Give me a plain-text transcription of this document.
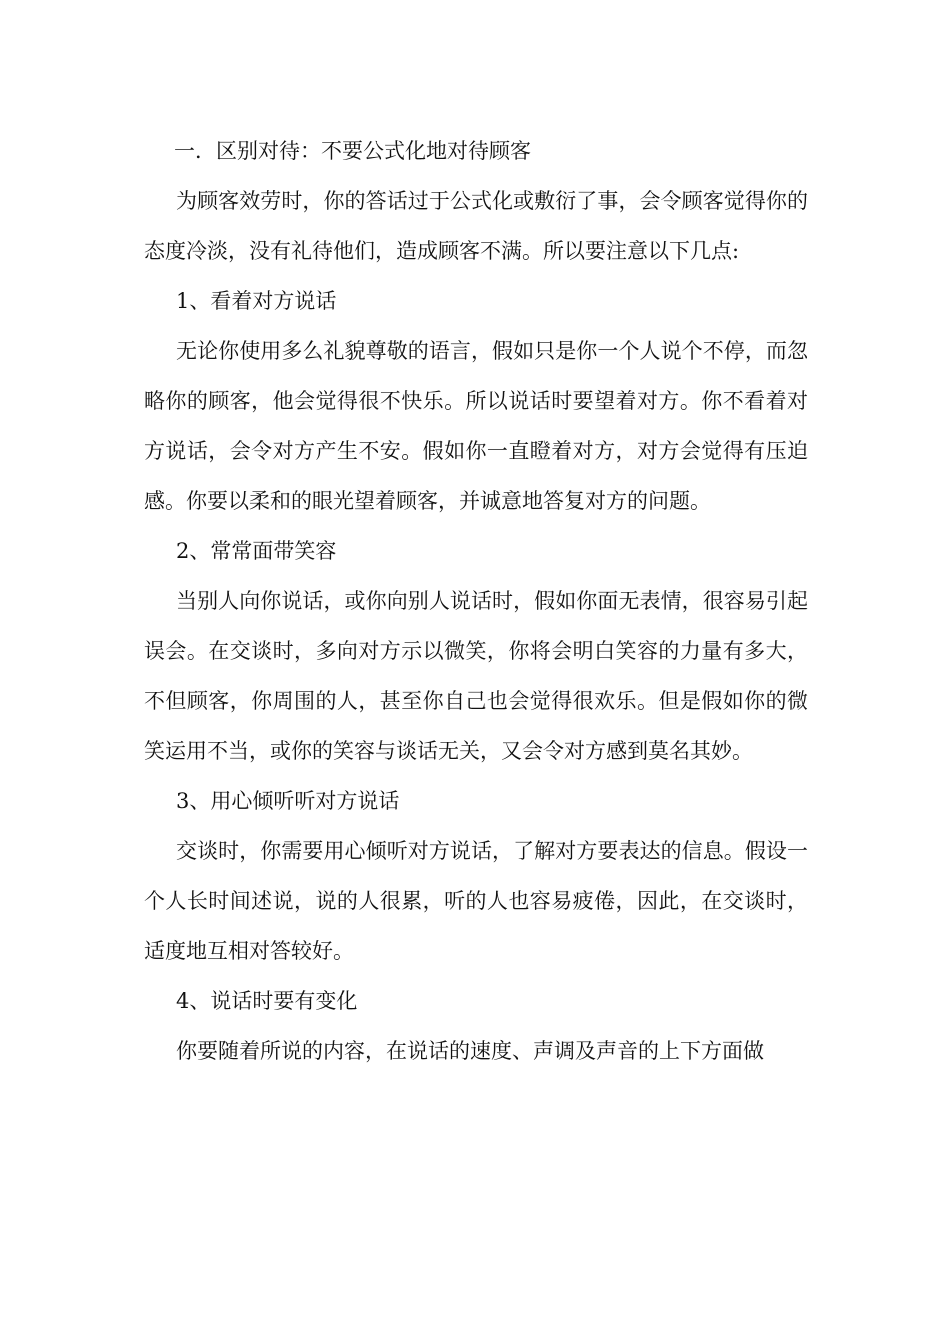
一．区别对待：不要公式化地对待顾客

为顾客效劳时，你的答话过于公式化或敷衍了事，会令顾客觉得你的态度冷淡，没有礼待他们，造成顾客不满。所以要注意以下几点:

1、看着对方说话

无论你使用多么礼貌尊敬的语言，假如只是你一个人说个不停，而忽略你的顾客，他会觉得很不快乐。所以说话时要望着对方。你不看着对方说话，会令对方产生不安。假如你一直瞪着对方，对方会觉得有压迫感。你要以柔和的眼光望着顾客，并诚意地答复对方的问题。

2、常常面带笑容

当别人向你说话，或你向别人说话时，假如你面无表情，很容易引起误会。在交谈时，多向对方示以微笑，你将会明白笑容的力量有多大，不但顾客，你周围的人，甚至你自己也会觉得很欢乐。但是假如你的微笑运用不当，或你的笑容与谈话无关，又会令对方感到莫名其妙。

3、用心倾听听对方说话

交谈时，你需要用心倾听对方说话，了解对方要表达的信息。假设一个人长时间述说，说的人很累，听的人也容易疲倦，因此，在交谈时，适度地互相对答较好。

4、说话时要有变化

你要随着所说的内容，在说话的速度、声调及声音的上下方面做
